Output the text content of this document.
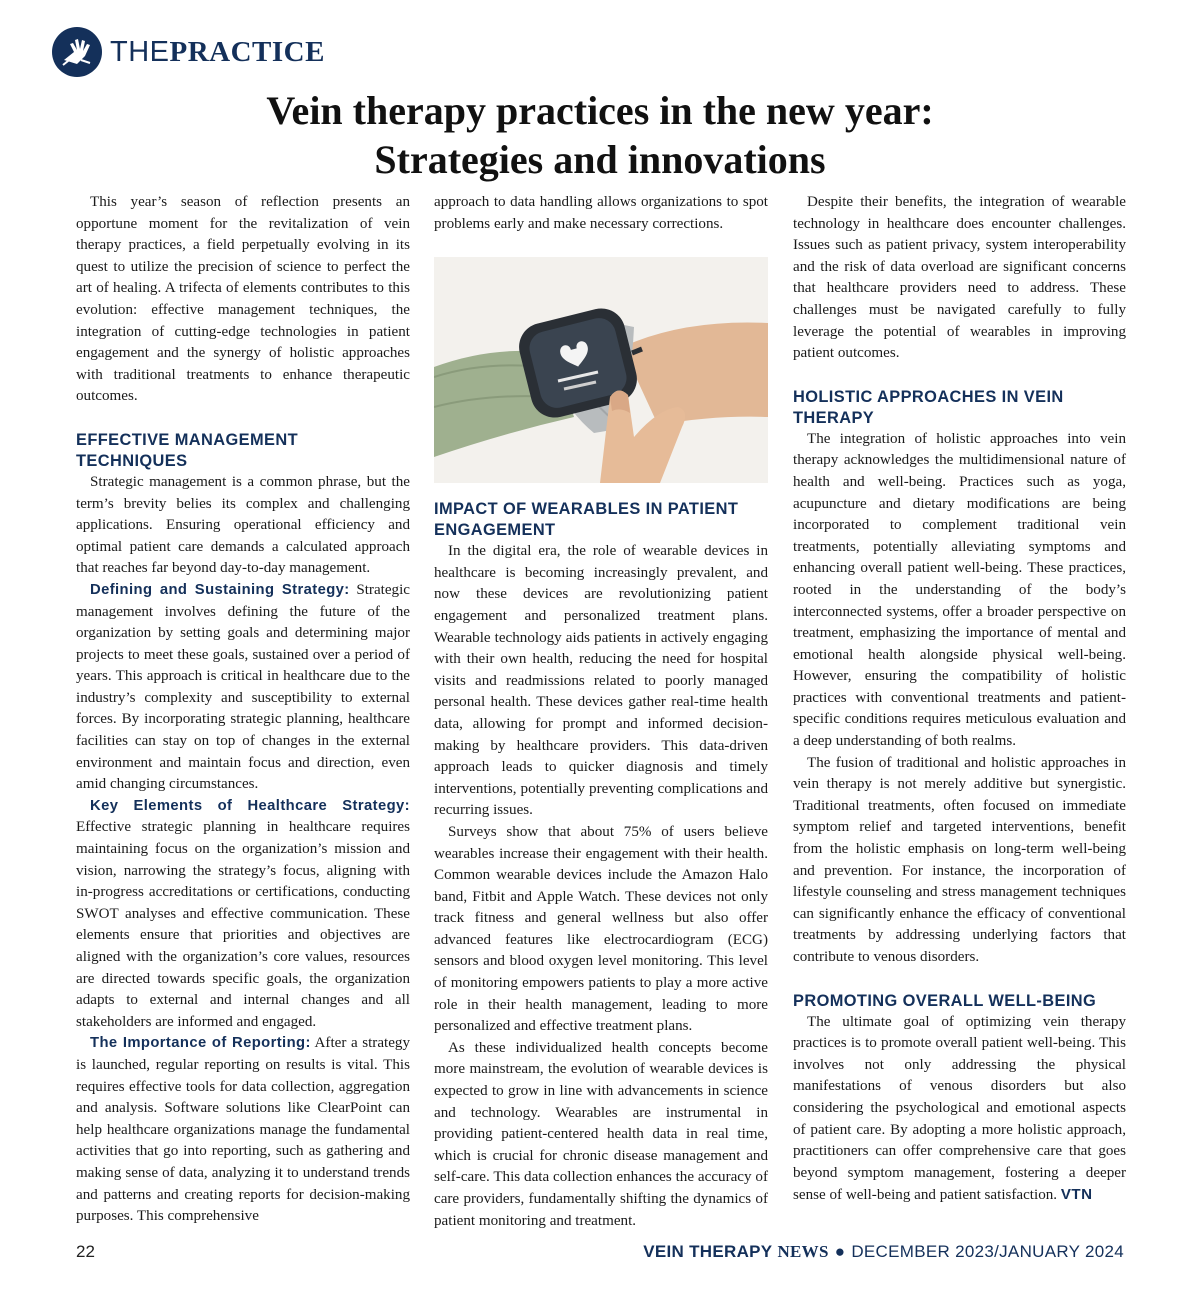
THEPRACTICE
Vein therapy practices in the new year:
Strategies and innovations

This year’s season of reflection presents an opportune moment for the revitalization of vein therapy practices, a field perpetually evolving in its quest to utilize the precision of science to perfect the art of healing. A trifecta of elements contributes to this evolution: effective management techniques, the integration of cutting-edge technologies in patient engagement and the synergy of holistic approaches with traditional treatments to enhance therapeutic outcomes.

EFFECTIVE MANAGEMENT TECHNIQUES

Strategic management is a common phrase, but the term’s brevity belies its complex and challenging applications. Ensuring operational efficiency and optimal patient care demands a calculated approach that reaches far beyond day-to-day management.

Defining and Sustaining Strategy: Strategic management involves defining the future of the organization by setting goals and determining major projects to meet these goals, sustained over a period of years. This approach is critical in healthcare due to the industry’s complexity and susceptibility to external forces. By incorporating strategic planning, healthcare facilities can stay on top of changes in the external environment and maintain focus and direction, even amid changing circumstances.

Key Elements of Healthcare Strategy: Effective strategic planning in healthcare requires maintaining focus on the organization’s mission and vision, narrowing the strategy’s focus, aligning with in-progress accreditations or certifications, conducting SWOT analyses and effective communication. These elements ensure that priorities and objectives are aligned with the organization’s core values, resources are directed towards specific goals, the organization adapts to external and internal changes and all stakeholders are informed and engaged.

The Importance of Reporting: After a strategy is launched, regular reporting on results is vital. This requires effective tools for data collection, aggregation and analysis. Software solutions like ClearPoint can help healthcare organizations manage the fundamental activities that go into reporting, such as gathering and making sense of data, analyzing it to understand trends and patterns and creating reports for decision-making purposes. This comprehensive

approach to data handling allows organizations to spot problems early and make necessary corrections.

IMPACT OF WEARABLES IN PATIENT ENGAGEMENT

In the digital era, the role of wearable devices in healthcare is becoming increasingly prevalent, and now these devices are revolutionizing patient engagement and personalized treatment plans. Wearable technology aids patients in actively engaging with their own health, reducing the need for hospital visits and readmissions related to poorly managed personal health. These devices gather real-time health data, allowing for prompt and informed decision-making by healthcare providers. This data-driven approach leads to quicker diagnosis and timely interventions, potentially preventing complications and recurring issues.

Surveys show that about 75% of users believe wearables increase their engagement with their health. Common wearable devices include the Amazon Halo band, Fitbit and Apple Watch. These devices not only track fitness and general wellness but also offer advanced features like electrocardiogram (ECG) sensors and blood oxygen level monitoring. This level of monitoring empowers patients to play a more active role in their health management, leading to more personalized and effective treatment plans.

As these individualized health concepts become more mainstream, the evolution of wearable devices is expected to grow in line with advancements in science and technology. Wearables are instrumental in providing patient-centered health data in real time, which is crucial for chronic disease management and self-care. This data collection enhances the accuracy of care providers, fundamentally shifting the dynamics of patient monitoring and treatment.

Despite their benefits, the integration of wearable technology in healthcare does encounter challenges. Issues such as patient privacy, system interoperability and the risk of data overload are significant concerns that healthcare providers need to address. These challenges must be navigated carefully to fully leverage the potential of wearables in improving patient outcomes.

HOLISTIC APPROACHES IN VEIN THERAPY

The integration of holistic approaches into vein therapy acknowledges the multidimensional nature of health and well-being. Practices such as yoga, acupuncture and dietary modifications are being incorporated to complement traditional vein treatments, potentially alleviating symptoms and enhancing overall patient well-being. These practices, rooted in the understanding of the body’s interconnected systems, offer a broader perspective on treatment, emphasizing the importance of mental and emotional health alongside physical well-being. However, ensuring the compatibility of holistic practices with conventional treatments and patient-specific conditions requires meticulous evaluation and a deep understanding of both realms.

The fusion of traditional and holistic approaches in vein therapy is not merely additive but synergistic. Traditional treatments, often focused on immediate symptom relief and targeted interventions, benefit from the holistic emphasis on long-term well-being and prevention. For instance, the incorporation of lifestyle counseling and stress management techniques can significantly enhance the efficacy of conventional treatments by addressing underlying factors that contribute to venous disorders.

PROMOTING OVERALL WELL-BEING

The ultimate goal of optimizing vein therapy practices is to promote overall patient well-being. This involves not only addressing the physical manifestations of venous disorders but also considering the psychological and emotional aspects of patient care. By adopting a more holistic approach, practitioners can offer comprehensive care that goes beyond symptom management, fostering a deeper sense of well-being and patient satisfaction. VTN

22	VEIN THERAPY NEWS ● DECEMBER 2023/JANUARY 2024
